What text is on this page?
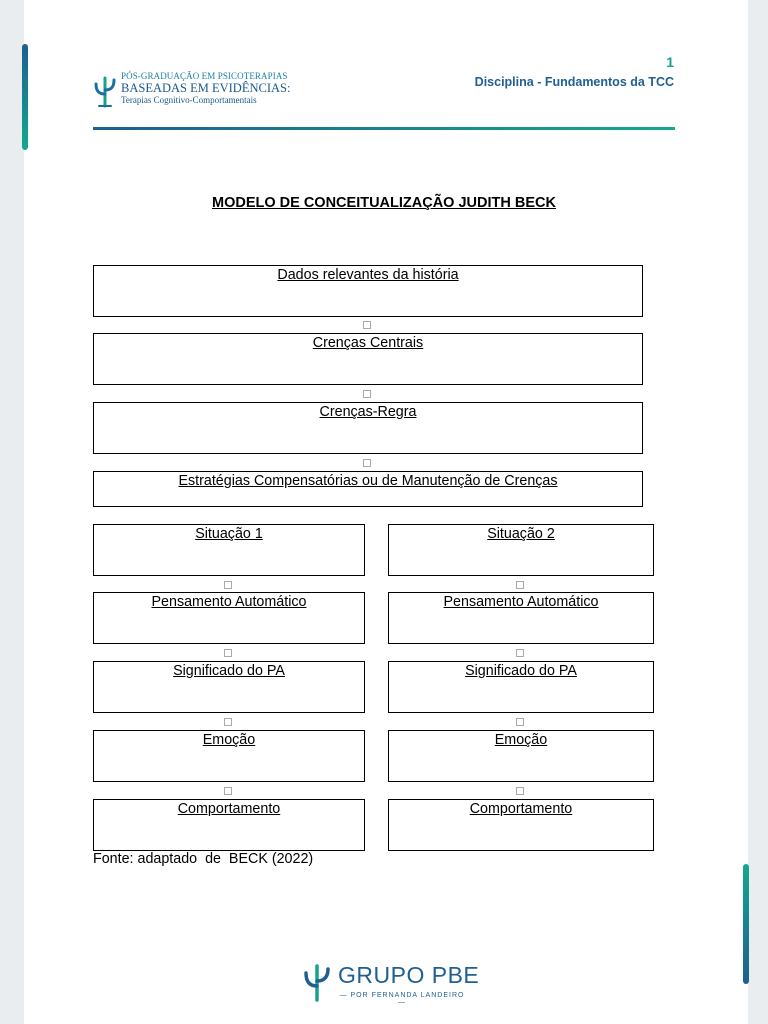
PÓS-GRADUAÇÃO EM PSICOTERAPIAS
BASEADAS EM EVIDÊNCIAS:
Terapias Cognitivo-Comportamentais
1
Disciplina - Fundamentos da TCC
MODELO DE CONCEITUALIZAÇÃO JUDITH BECK
Dados relevantes da história
Crenças Centrais
Crenças-Regra
Estratégias Compensatórias ou de Manutenção de Crenças
Situação 1
Pensamento Automático
Significado do PA
Emoção
Comportamento
Situação 2
Pensamento Automático
Significado do PA
Emoção
Comportamento
Fonte: adaptado  de  BECK (2022)
GRUPO PBE
— POR FERNANDA LANDEIRO —
